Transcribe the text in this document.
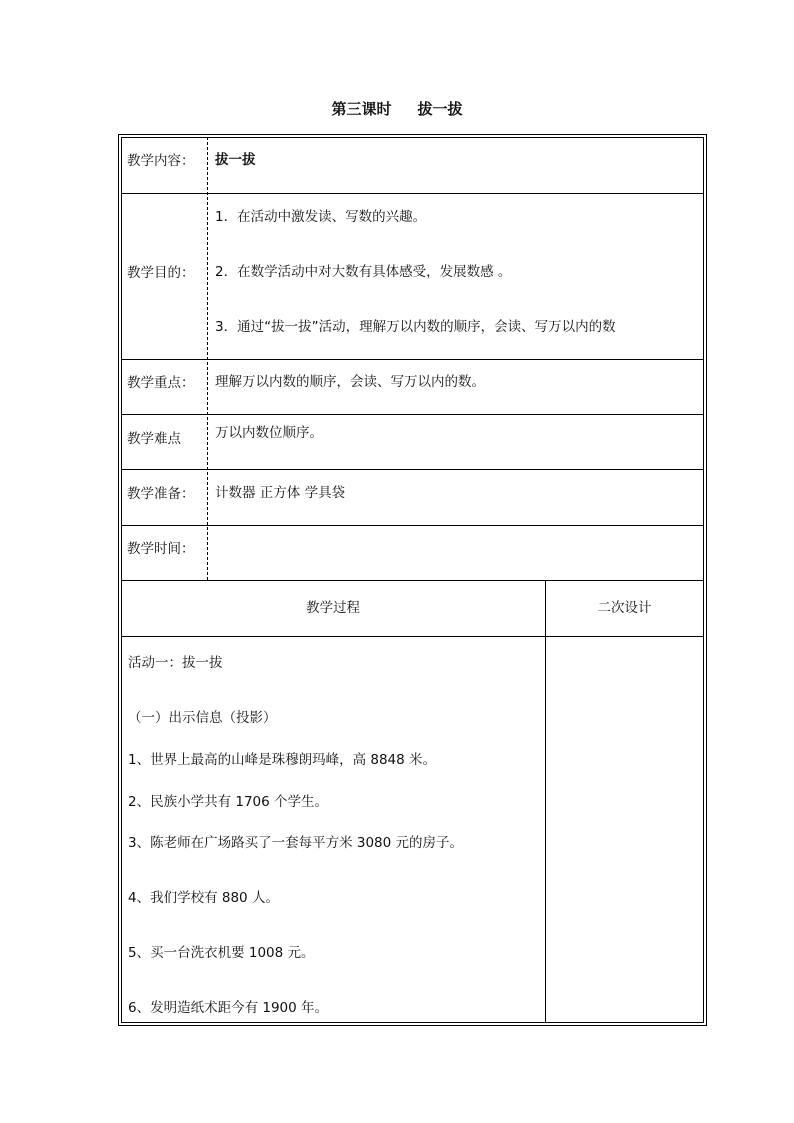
第三课时 拔一拔
教学内容： 拔一拔
教学目的：
1．在活动中激发读、写数的兴趣。
2．在数学活动中对大数有具体感受，发展数感 。
3．通过“拔一拔”活动，理解万以内数的顺序，会读、写万以内的数
教学重点： 理解万以内数的顺序，会读、写万以内的数。
教学难点	万以内数位顺序。
教学准备： 计数器 正方体 学具袋
教学时间：
教学过程	二次设计
活动一：拔一拔
（一）出示信息（投影）
1、世界上最高的山峰是珠穆朗玛峰，高 8848 米。
2、民族小学共有 1706 个学生。
3、陈老师在广场路买了一套每平方米 3080 元的房子。
4、我们学校有 880 人。
5、买一台洗衣机要 1008 元。
6、发明造纸术距今有 1900 年。
